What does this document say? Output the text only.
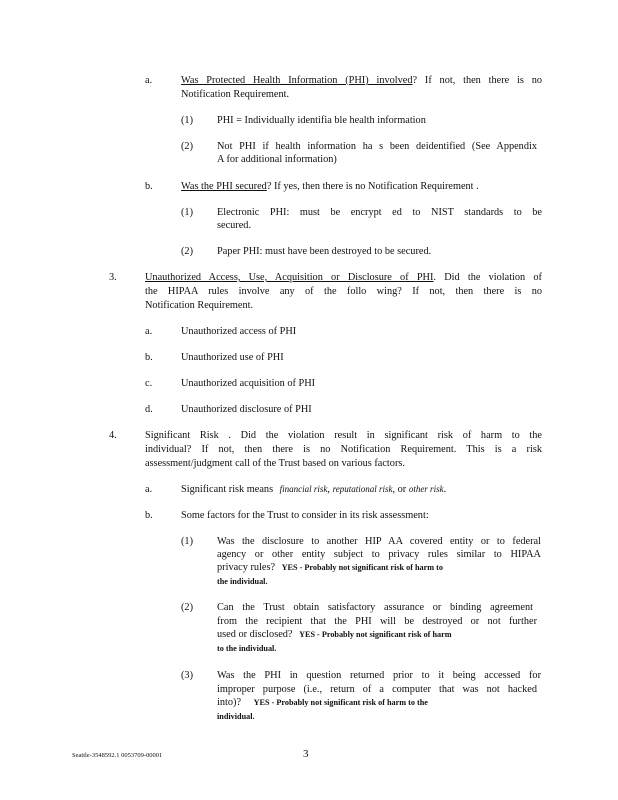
a.	Was Protected Health Information (PHI) involved? If not, then there is no
Notification Requirement.
(1) PHI = Individually identifia ble health information
(2) Not PHI if health information ha s been deidentified (See Appendix
A for additional information)
b.	Was the PHI secured? If yes, then there is no Notification Requirement .
(1) Electronic PHI: must be encrypt ed to NIST standards to be
secured.
(2) Paper PHI: must have been destroyed to be secured.
3.	Unauthorized Access, Use, Acquisition or Disclosure of PHI. Did the violation of
the HIPAA rules involve any of the follo wing? If not, then there is no
Notification Requirement.
a.	Unauthorized access of PHI
b.	Unauthorized use of PHI
c.	Unauthorized acquisition of PHI
d.	Unauthorized disclosure of PHI
4.	Significant Risk . Did the violation result in significant risk of harm to the
individual? If not, then there is no Notification Requirement. This is a risk
assessment/judgment call of the Trust based on various factors.
a.	Significant risk means financial risk, reputational risk, or other risk.
b.	Some factors for the Trust to consider in its risk assessment:
(1) Was the disclosure to another HIP AA covered entity or to federal
agency or other entity subject to privacy rules similar to HIPAA
privacy rules? YES - Probably not significant risk of harm to
the individual.
(2) Can the Trust obtain satisfactory assurance or binding agreement
from the recipient that the PHI will be destroyed or not further
used or disclosed? YES - Probably not significant risk of harm
to the individual.
(3) Was the PHI in question returned prior to it being accessed for
improper purpose (i.e., return of a computer that was not hacked
into)? YES - Probably not significant risk of harm to the
individual.
Seattle-3548592.1 0053709-00001	3
